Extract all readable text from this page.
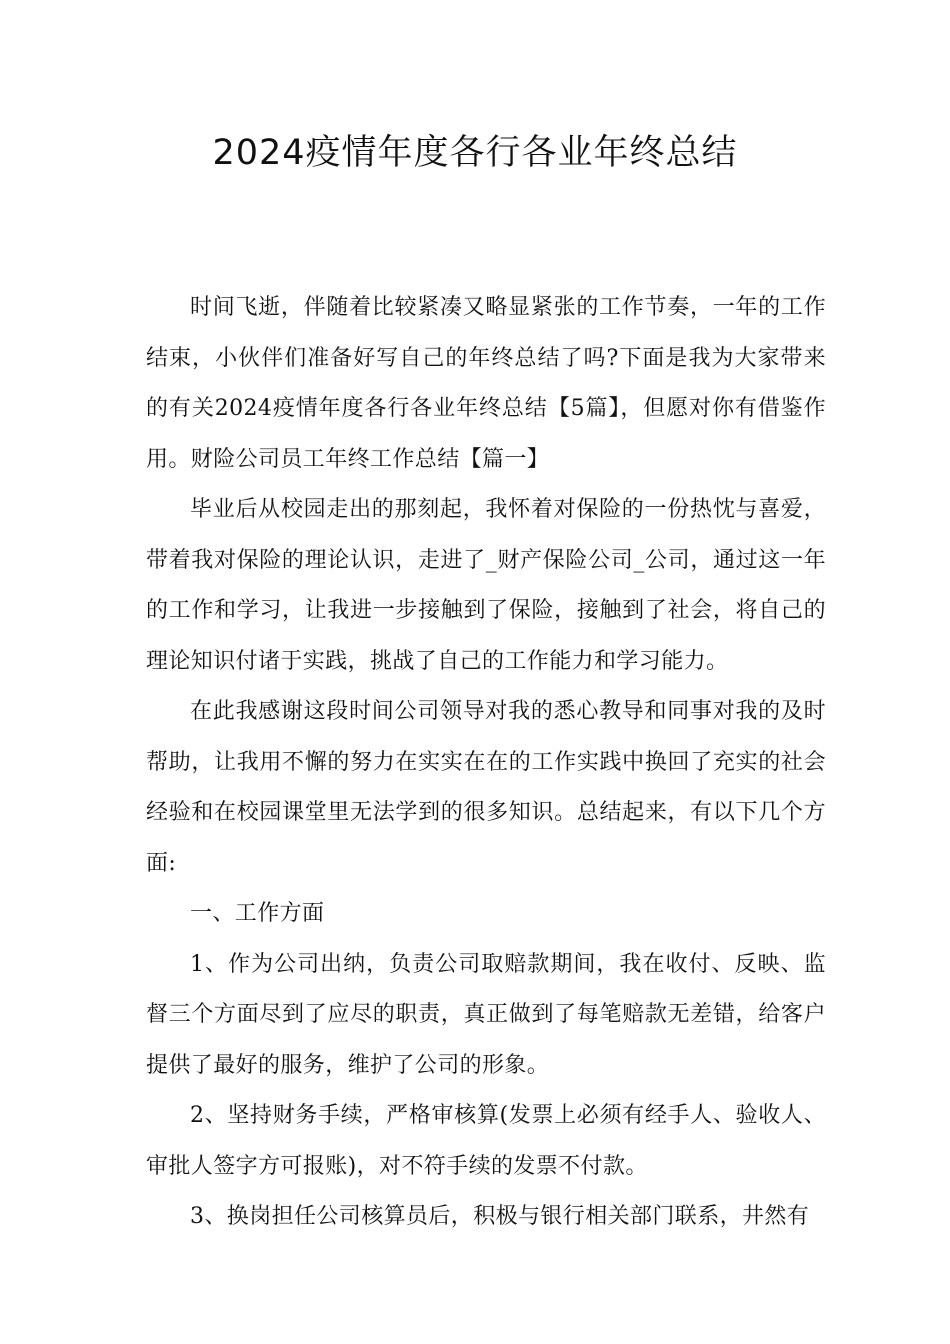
2024疫情年度各行各业年终总结

时间飞逝，伴随着比较紧凑又略显紧张的工作节奏，一年的工作结束，小伙伴们准备好写自己的年终总结了吗?下面是我为大家带来的有关2024疫情年度各行各业年终总结【5篇】，但愿对你有借鉴作用。财险公司员工年终工作总结【篇一】

毕业后从校园走出的那刻起，我怀着对保险的一份热忱与喜爱，带着我对保险的理论认识，走进了_财产保险公司_公司，通过这一年的工作和学习，让我进一步接触到了保险，接触到了社会，将自己的理论知识付诸于实践，挑战了自己的工作能力和学习能力。

在此我感谢这段时间公司领导对我的悉心教导和同事对我的及时帮助，让我用不懈的努力在实实在在的工作实践中换回了充实的社会经验和在校园课堂里无法学到的很多知识。总结起来，有以下几个方面:

一、工作方面

1、作为公司出纳，负责公司取赔款期间，我在收付、反映、监督三个方面尽到了应尽的职责，真正做到了每笔赔款无差错，给客户提供了最好的服务，维护了公司的形象。

2、坚持财务手续，严格审核算(发票上必须有经手人、验收人、审批人签字方可报账)，对不符手续的发票不付款。

3、换岗担任公司核算员后，积极与银行相关部门联系，井然有
